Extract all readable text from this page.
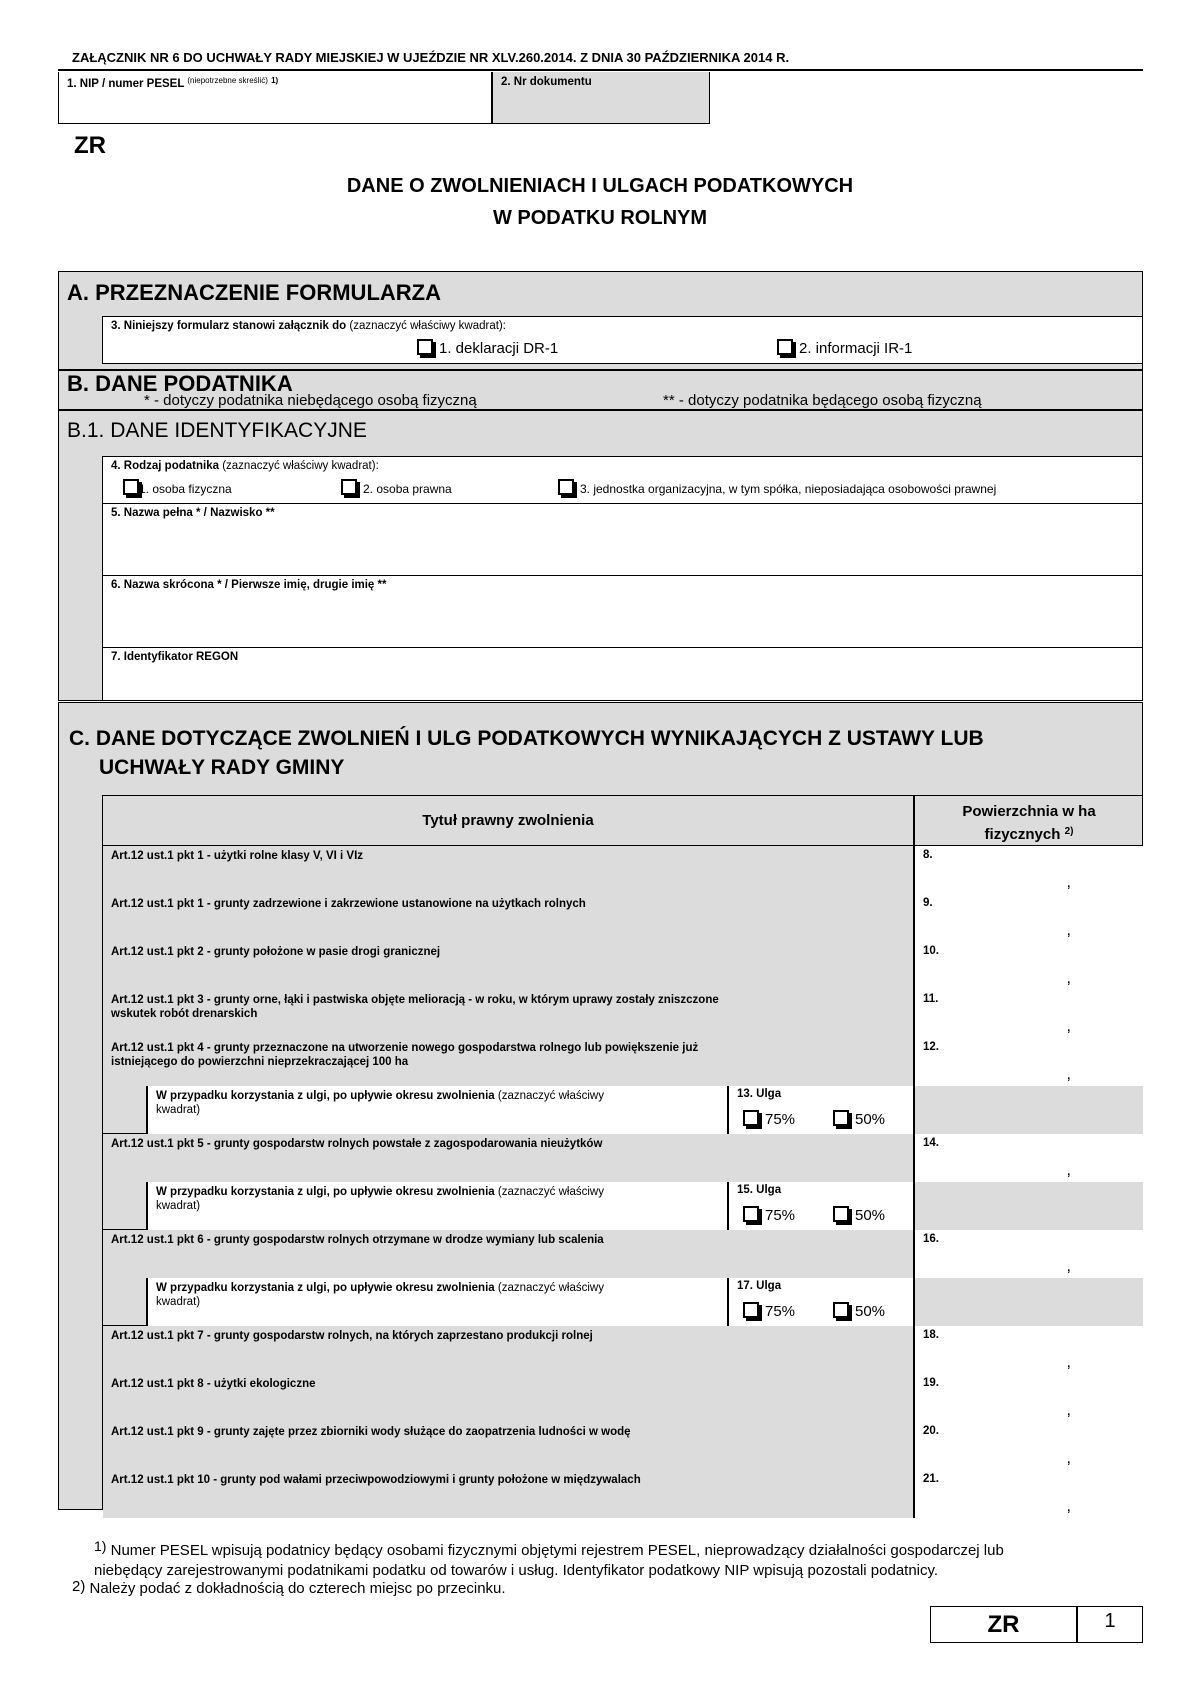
ZAŁĄCZNIK NR 6 DO UCHWAŁY RADY MIEJSKIEJ W UJEŹDZIE NR XLV.260.2014. Z DNIA 30 PAŹDZIERNIKA 2014 R.
1. NIP / numer PESEL $^{(niepotrzebne skreślić)}$ $^{1)}$	2. Nr dokumentu
ZR
DANE O ZWOLNIENIACH I ULGACH PODATKOWYCH
W PODATKU ROLNYM
A. PRZEZNACZENIE FORMULARZA
3. Niniejszy formularz stanowi załącznik do (zaznaczyć właściwy kwadrat):
1. deklaracji DR-1	2. informacji IR-1
B. DANE PODATNIKA
* - dotyczy podatnika niebędącego osobą fizyczną	** - dotyczy podatnika będącego osobą fizyczną
B.1. DANE IDENTYFIKACYJNE
4. Rodzaj podatnika (zaznaczyć właściwy kwadrat):
1. osoba fizyczna	2. osoba prawna	3. jednostka organizacyjna, w tym spółka, nieposiadająca osobowości prawnej
5. Nazwa pełna * / Nazwisko **
6. Nazwa skrócona * / Pierwsze imię, drugie imię **
7. Identyfikator REGON
C. DANE DOTYCZĄCE ZWOLNIEŃ I ULG PODATKOWYCH WYNIKAJĄCYCH Z USTAWY LUB
UCHWAŁY RADY GMINY
Tytuł prawny zwolnienia
Powierzchnia w ha
fizycznych $^{2)}$
Art.12 ust.1 pkt 1 - użytki rolne klasy V, VI i VIz	8.
,
Art.12 ust.1 pkt 1 - grunty zadrzewione i zakrzewione ustanowione na użytkach rolnych	9.
,
Art.12 ust.1 pkt 2 - grunty położone w pasie drogi granicznej	10.
,
Art.12 ust.1 pkt 3 - grunty orne, łąki i pastwiska objęte melioracją - w roku, w którym uprawy zostały zniszczone
wskutek robót drenarskich
11.
,
Art.12 ust.1 pkt 4 - grunty przeznaczone na utworzenie nowego gospodarstwa rolnego lub powiększenie już
istniejącego do powierzchni nieprzekraczającej 100 ha
12.
,
W przypadku korzystania z ulgi, po upływie okresu zwolnienia (zaznaczyć właściwy
kwadrat)
13. Ulga
75%	50%
Art.12 ust.1 pkt 5 - grunty gospodarstw rolnych powstałe z zagospodarowania nieużytków	14.
,
W przypadku korzystania z ulgi, po upływie okresu zwolnienia (zaznaczyć właściwy
kwadrat)
15. Ulga
75%	50%
Art.12 ust.1 pkt 6 - grunty gospodarstw rolnych otrzymane w drodze wymiany lub scalenia	16.
,
W przypadku korzystania z ulgi, po upływie okresu zwolnienia (zaznaczyć właściwy
kwadrat)
17. Ulga
75%	50%
Art.12 ust.1 pkt 7 - grunty gospodarstw rolnych, na których zaprzestano produkcji rolnej	18.
,
Art.12 ust.1 pkt 8 - użytki ekologiczne	19.
,
Art.12 ust.1 pkt 9 - grunty zajęte przez zbiorniki wody służące do zaopatrzenia ludności w wodę	20.
,
Art.12 ust.1 pkt 10 - grunty pod wałami przeciwpowodziowymi i grunty położone w międzywalach	21.
,
1) Numer PESEL wpisują podatnicy będący osobami fizycznymi objętymi rejestrem PESEL, nieprowadzący działalności gospodarczej lub
niebędący zarejestrowanymi podatnikami podatku od towarów i usług. Identyfikator podatkowy NIP wpisują pozostali podatnicy.
2) Należy podać z dokładnością do czterech miejsc po przecinku.
ZR	1
